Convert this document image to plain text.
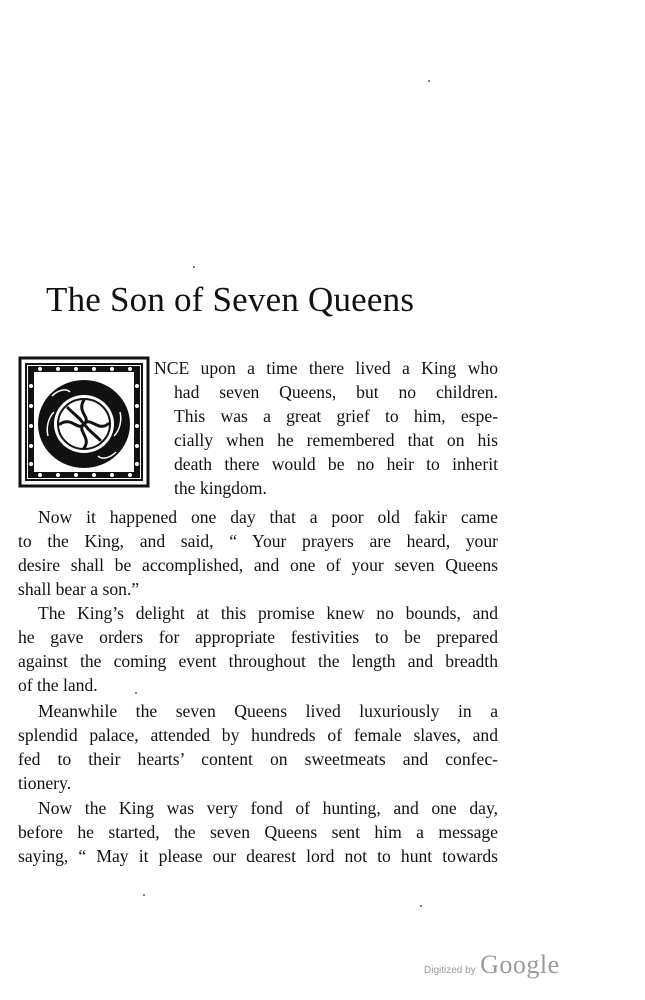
The Son of Seven Queens
NCE upon a time there lived a King who
had seven Queens, but no children.
This was a great grief to him, espe-
cially when he remembered that on his
death there would be no heir to inherit
the kingdom.
Now it happened one day that a poor old fakir came
to the King, and said, “ Your prayers are heard, your
desire shall be accomplished, and one of your seven Queens
shall bear a son.”
The King’s delight at this promise knew no bounds, and
he gave orders for appropriate festivities to be prepared
against the coming event throughout the length and breadth
of the land.
Meanwhile the seven Queens lived luxuriously in a
splendid palace, attended by hundreds of female slaves, and
fed to their hearts’ content on sweetmeats and confec-
tionery.
Now the King was very fond of hunting, and one day,
before he started, the seven Queens sent him a message
saying, “ May it please our dearest lord not to hunt towards
Digitized by Google
